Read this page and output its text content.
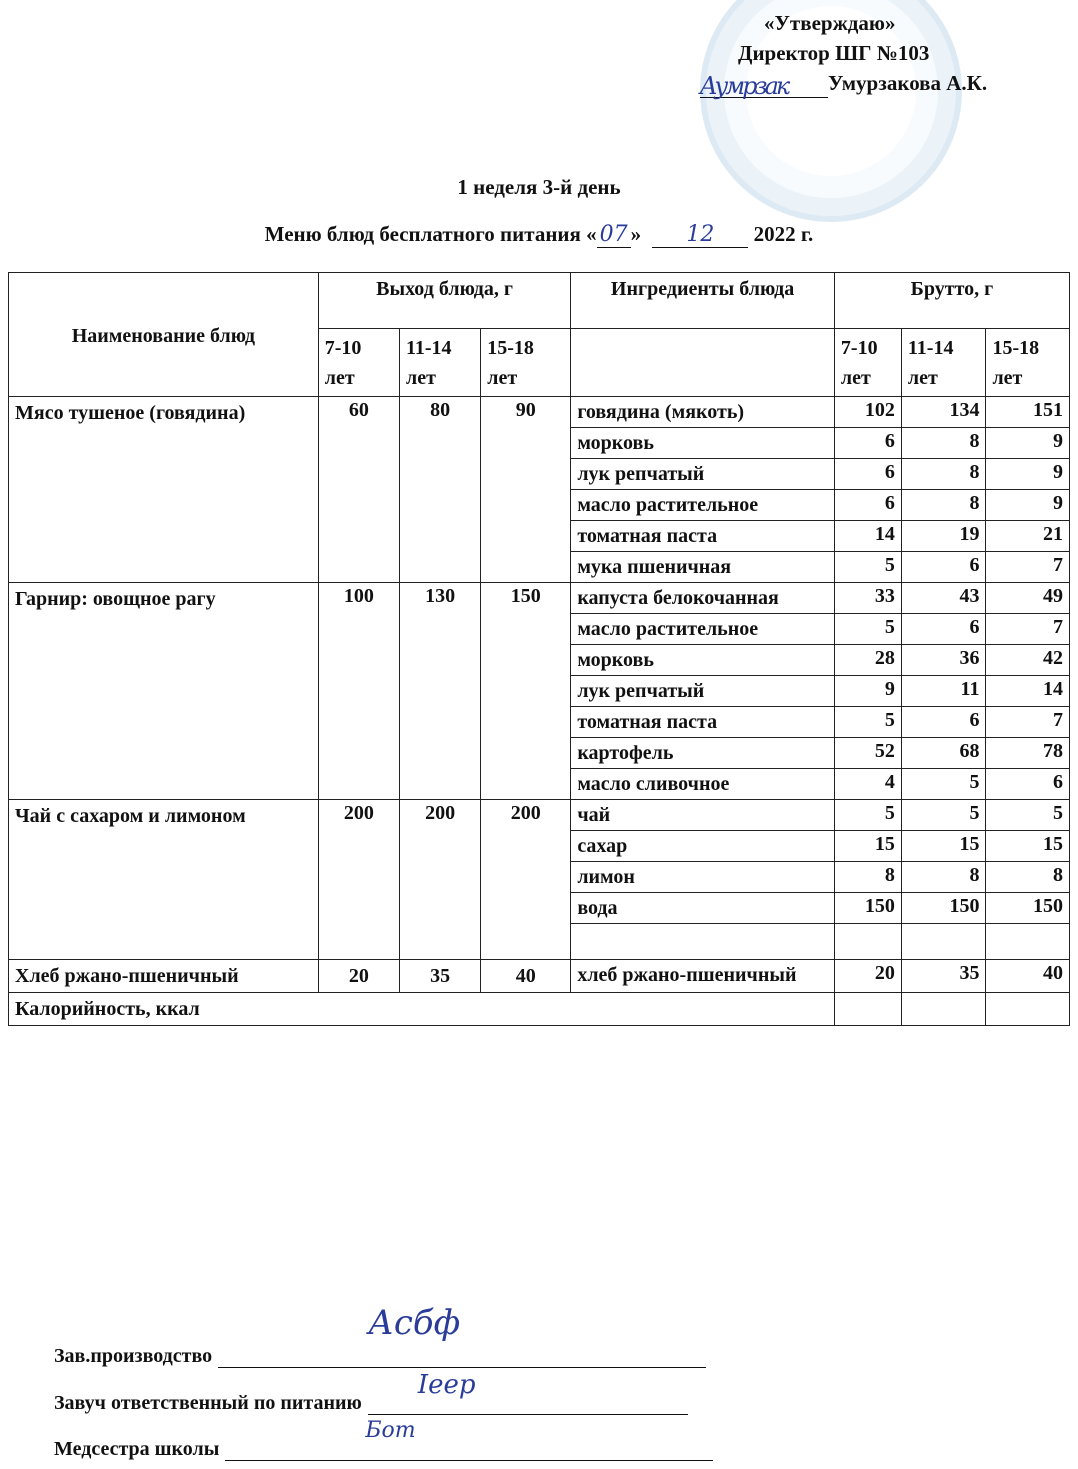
«Утверждаю»
Директор ШГ №103
Aумрзак Умурзакова А.К.
1 неделя 3-й день
Меню блюд бесплатного питания « 07 » 12 2022 г.
Наименование блюд	Выход блюда, г			Ингредиенты блюда	Брутто, г		
	7-10 лет	11-14 лет	15-18 лет		7-10 лет	11-14 лет	15-18 лет
Мясо тушеное (говядина)	60	80	90	говядина (мякоть)	102	134	151
				морковь	6	8	9
				лук репчатый	6	8	9
				масло растительное	6	8	9
				томатная паста	14	19	21
				мука пшеничная	5	6	7
Гарнир: овощное рагу	100	130	150	капуста белокочанная	33	43	49
				масло растительное	5	6	7
				морковь	28	36	42
				лук репчатый	9	11	14
				томатная паста	5	6	7
				картофель	52	68	78
				масло сливочное	4	5	6
Чай с сахаром и лимоном	200	200	200	чай	5	5	5
				сахар	15	15	15
				лимон	8	8	8
				вода	150	150	150

Хлеб ржано-пшеничный	20	35	40	хлеб ржано-пшеничный	20	35	40
Калорийность, ккал							
Зав.производство
Асбф
Завуч ответственный по питанию
Іеер
Медсестра школы
Бот
